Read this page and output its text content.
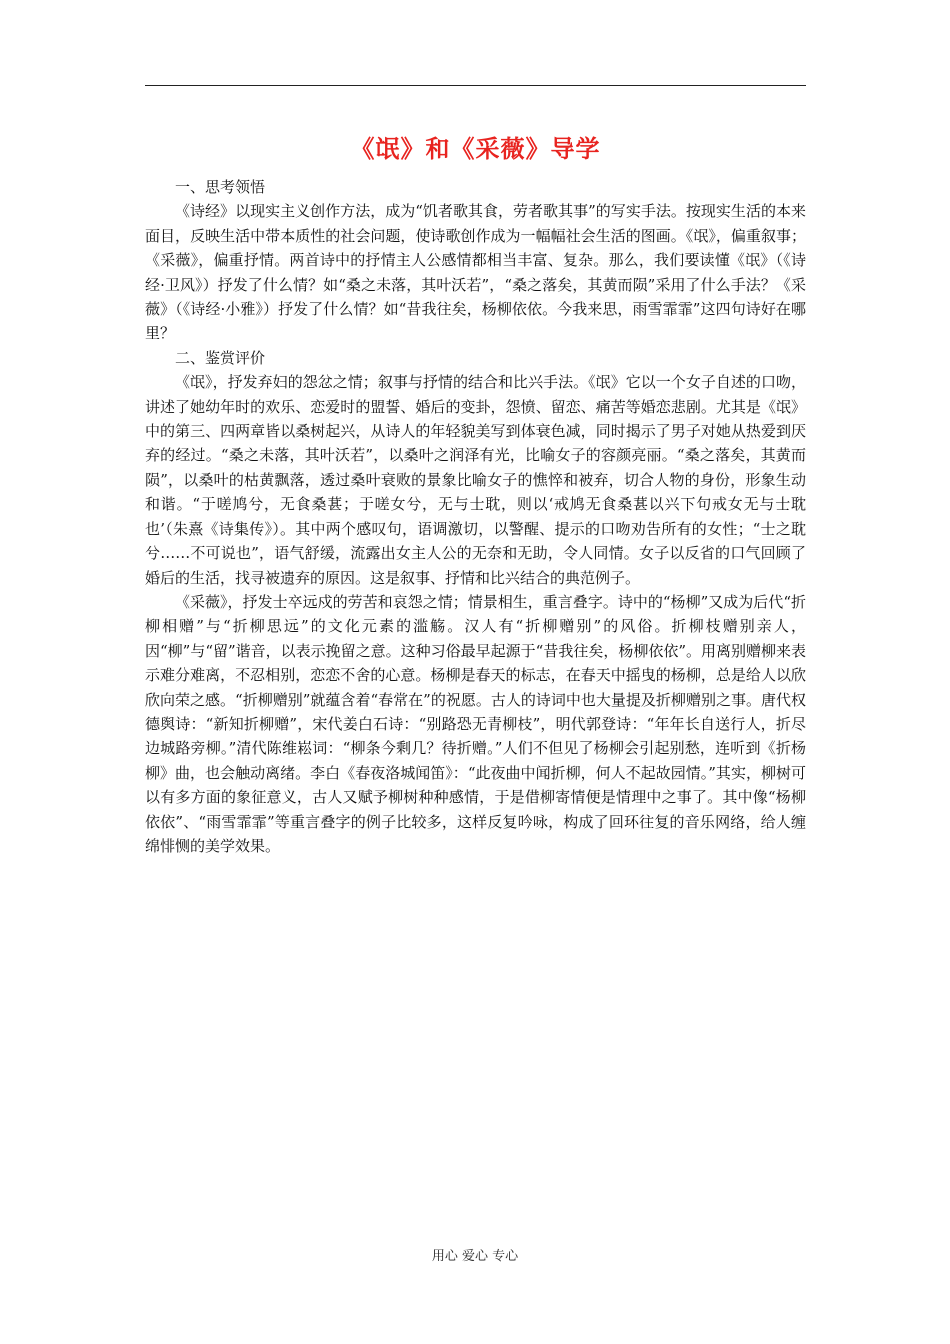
《氓》和《采薇》导学

一、思考领悟

《诗经》以现实主义创作方法，成为“饥者歌其食，劳者歌其事”的写实手法。按现实生活的本来面目，反映生活中带本质性的社会问题，使诗歌创作成为一幅幅社会生活的图画。《氓》，偏重叙事；《采薇》，偏重抒情。两首诗中的抒情主人公感情都相当丰富、复杂。那么，我们要读懂《氓》（《诗经·卫风》）抒发了什么情？如“桑之未落，其叶沃若”，“桑之落矣，其黄而陨”采用了什么手法？《采薇》（《诗经·小雅》）抒发了什么情？如“昔我往矣，杨柳依依。今我来思，雨雪霏霏”这四句诗好在哪里？

二、鉴赏评价

《氓》，抒发弃妇的怨忿之情；叙事与抒情的结合和比兴手法。《氓》它以一个女子自述的口吻，讲述了她幼年时的欢乐、恋爱时的盟誓、婚后的变卦，怨愤、留恋、痛苦等婚恋悲剧。尤其是《氓》中的第三、四两章皆以桑树起兴，从诗人的年轻貌美写到体衰色减，同时揭示了男子对她从热爱到厌弃的经过。“桑之未落，其叶沃若”，以桑叶之润泽有光，比喻女子的容颜亮丽。“桑之落矣，其黄而陨”，以桑叶的枯黄飘落，透过桑叶衰败的景象比喻女子的憔悴和被弃，切合人物的身份，形象生动和谐。“于嗟鸠兮，无食桑葚；于嗟女兮，无与士耽，则以‘戒鸠无食桑葚以兴下句戒女无与士耽也’（朱熹《诗集传》）。其中两个感叹句，语调激切，以警醒、提示的口吻劝告所有的女性；“士之耽兮……不可说也”，语气舒缓，流露出女主人公的无奈和无助，令人同情。女子以反省的口气回顾了婚后的生活，找寻被遗弃的原因。这是叙事、抒情和比兴结合的典范例子。

《采薇》，抒发士卒远戍的劳苦和哀怨之情；情景相生，重言叠字。诗中的“杨柳”又成为后代“折柳相赠”与“折柳思远”的文化元素的滥觞。汉人有“折柳赠别”的风俗。折柳枝赠别亲人，因“柳”与“留”谐音，以表示挽留之意。这种习俗最早起源于“昔我往矣，杨柳依依”。用离别赠柳来表示难分难离，不忍相别，恋恋不舍的心意。杨柳是春天的标志，在春天中摇曳的杨柳，总是给人以欣欣向荣之感。“折柳赠别”就蕴含着“春常在”的祝愿。古人的诗词中也大量提及折柳赠别之事。唐代权德舆诗：“新知折柳赠”，宋代姜白石诗：“别路恐无青柳枝”，明代郭登诗：“年年长自送行人，折尽边城路旁柳。”清代陈维崧词：“柳条今剩几？待折赠。”人们不但见了杨柳会引起别愁，连听到《折杨柳》曲，也会触动离绪。李白《春夜洛城闻笛》：“此夜曲中闻折柳，何人不起故园情。”其实，柳树可以有多方面的象征意义，古人又赋予柳树种种感情，于是借柳寄情便是情理中之事了。其中像“杨柳依依”、“雨雪霏霏”等重言叠字的例子比较多，这样反复吟咏，构成了回环往复的音乐网络，给人缠绵悱恻的美学效果。

用心 爱心 专心
